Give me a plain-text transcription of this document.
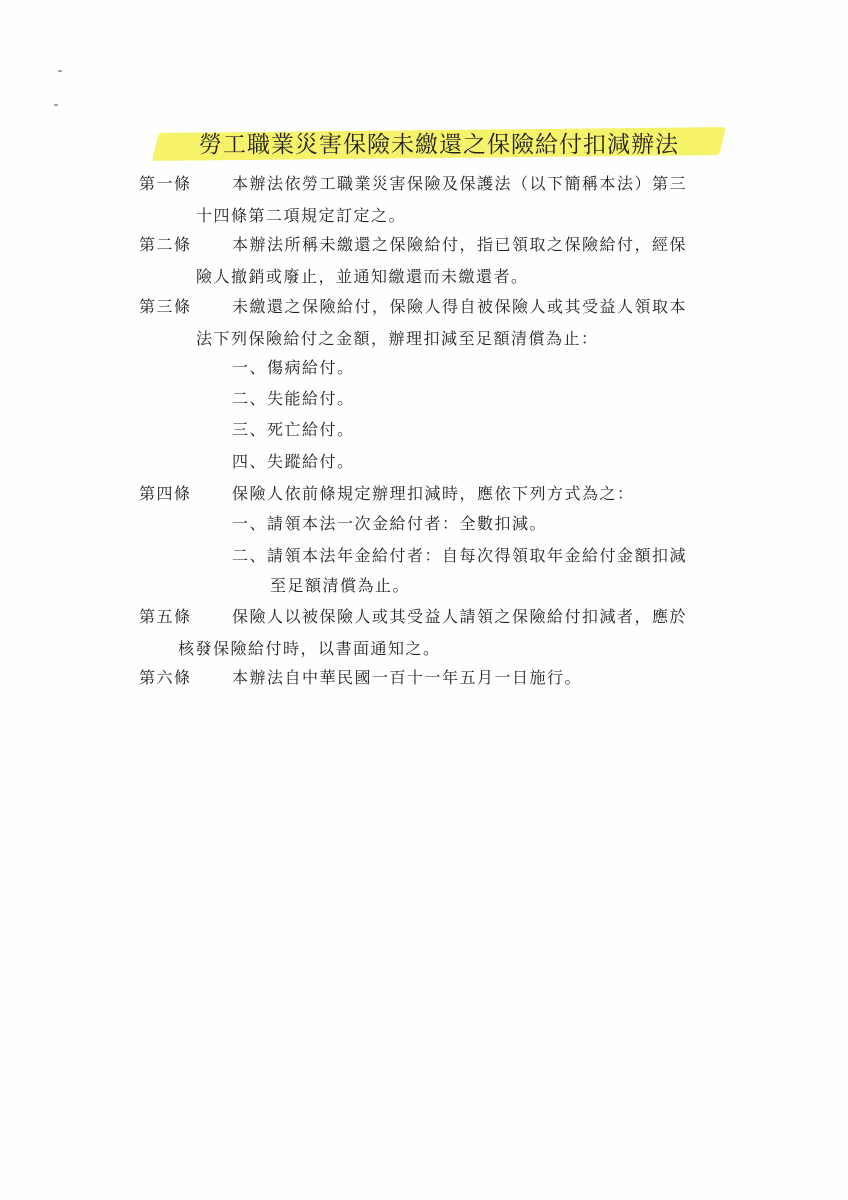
勞工職業災害保險未繳還之保險給付扣減辦法
第一條	本辦法依勞工職業災害保險及保護法（以下簡稱本法）第三
十四條第二項規定訂定之。
第二條	本辦法所稱未繳還之保險給付，指已領取之保險給付，經保
險人撤銷或廢止，並通知繳還而未繳還者。
第三條	未繳還之保險給付，保險人得自被保險人或其受益人領取本
法下列保險給付之金額，辦理扣減至足額清償為止：
一、傷病給付。
二、失能給付。
三、死亡給付。
四、失蹤給付。
第四條	保險人依前條規定辦理扣減時，應依下列方式為之：
一、請領本法一次金給付者：全數扣減。
二、請領本法年金給付者：自每次得領取年金給付金額扣減
至足額清償為止。
第五條	保險人以被保險人或其受益人請領之保險給付扣減者，應於
核發保險給付時，以書面通知之。
第六條	本辦法自中華民國一百十一年五月一日施行。
